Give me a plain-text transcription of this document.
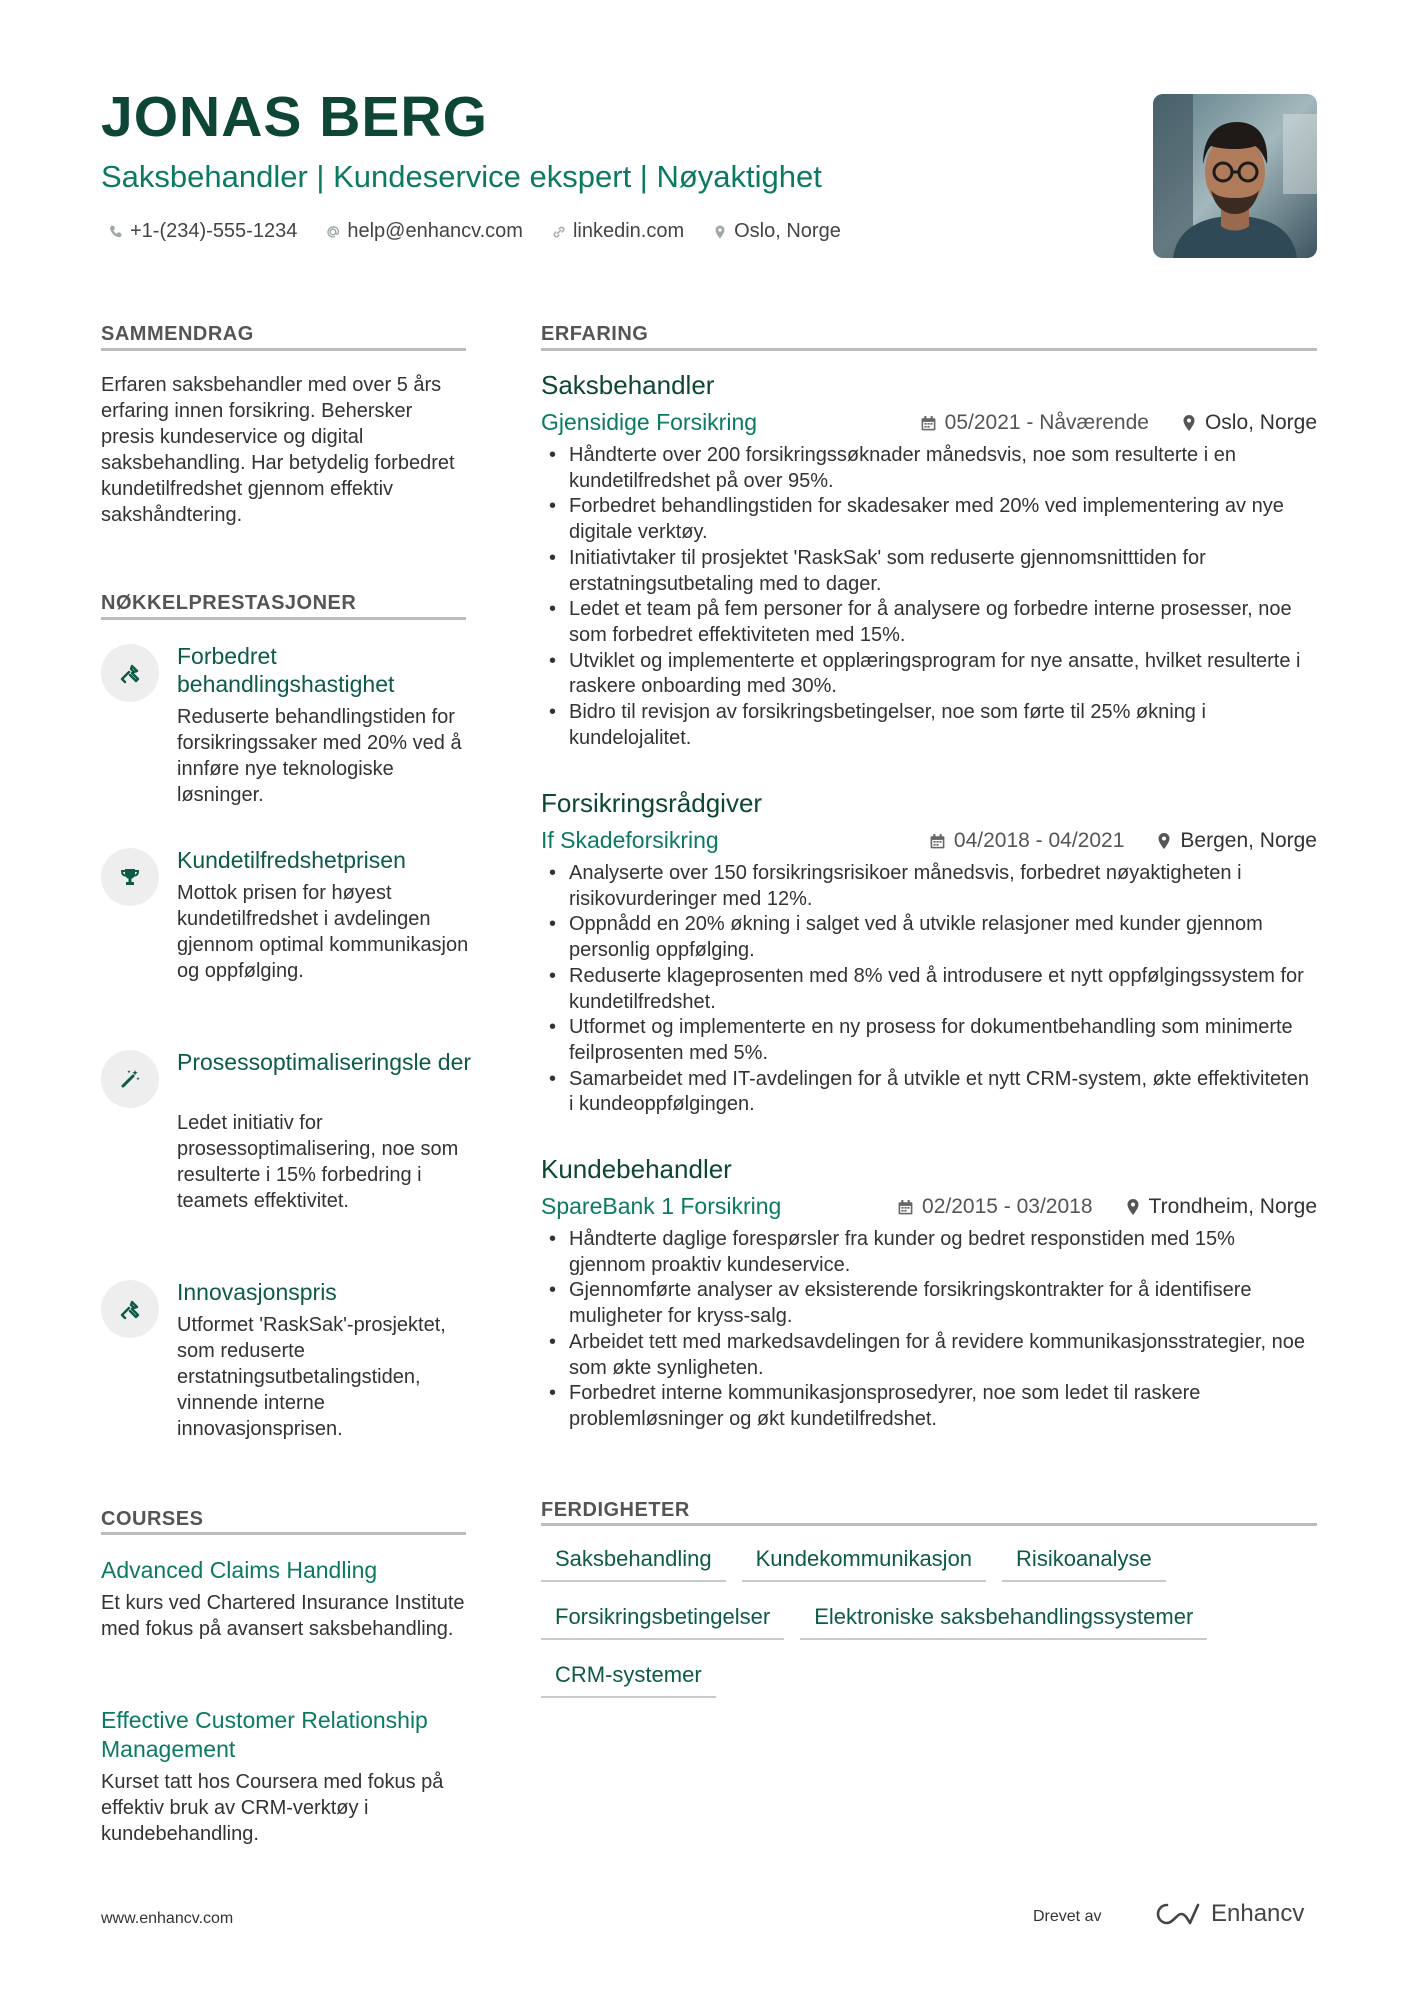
JONAS BERG

Saksbehandler | Kundeservice ekspert | Nøyaktighet

+1-(234)-555-1234	help@enhancv.com	linkedin.com	Oslo, Norge
SAMMENDRAG

Erfaren saksbehandler med over 5 års erfaring innen forsikring. Behersker presis kundeservice og digital saksbehandling. Har betydelig forbedret kundetilfredshet gjennom effektiv sakshåndtering.

NØKKELPRESTASJONER

Forbedret behandlingshastighet

Reduserte behandlingstiden for forsikringssaker med 20% ved å innføre nye teknologiske løsninger.

Kundetilfredshetprisen

Mottok prisen for høyest kundetilfredshet i avdelingen gjennom optimal kommunikasjon og oppfølging.

Prosessoptimaliseringsle der

Ledet initiativ for prosessoptimalisering, noe som resulterte i 15% forbedring i teamets effektivitet.

Innovasjonspris

Utformet 'RaskSak'-prosjektet, som reduserte erstatningsutbetalingstiden, vinnende interne innovasjonsprisen.

COURSES

Advanced Claims Handling

Et kurs ved Chartered Insurance Institute med fokus på avansert saksbehandling.

Effective Customer Relationship Management

Kurset tatt hos Coursera med fokus på effektiv bruk av CRM-verktøy i kundebehandling.

ERFARING

Saksbehandler

Gjensidige Forsikring	05/2021 - Nåværende	Oslo, Norge
• Håndterte over 200 forsikringssøknader månedsvis, noe som resulterte i en kundetilfredshet på over 95%.
• Forbedret behandlingstiden for skadesaker med 20% ved implementering av nye digitale verktøy.
• Initiativtaker til prosjektet 'RaskSak' som reduserte gjennomsnitttiden for erstatningsutbetaling med to dager.
• Ledet et team på fem personer for å analysere og forbedre interne prosesser, noe som forbedret effektiviteten med 15%.
• Utviklet og implementerte et opplæringsprogram for nye ansatte, hvilket resulterte i raskere onboarding med 30%.
• Bidro til revisjon av forsikringsbetingelser, noe som førte til 25% økning i kundelojalitet.

Forsikringsrådgiver

If Skadeforsikring	04/2018 - 04/2021	Bergen, Norge
• Analyserte over 150 forsikringsrisikoer månedsvis, forbedret nøyaktigheten i risikovurderinger med 12%.
• Oppnådd en 20% økning i salget ved å utvikle relasjoner med kunder gjennom personlig oppfølging.
• Reduserte klageprosenten med 8% ved å introdusere et nytt oppfølgingssystem for kundetilfredshet.
• Utformet og implementerte en ny prosess for dokumentbehandling som minimerte feilprosenten med 5%.
• Samarbeidet med IT-avdelingen for å utvikle et nytt CRM-system, økte effektiviteten i kundeoppfølgingen.

Kundebehandler

SpareBank 1 Forsikring	02/2015 - 03/2018	Trondheim, Norge
• Håndterte daglige forespørsler fra kunder og bedret responstiden med 15% gjennom proaktiv kundeservice.
• Gjennomførte analyser av eksisterende forsikringskontrakter for å identifisere muligheter for kryss-salg.
• Arbeidet tett med markedsavdelingen for å revidere kommunikasjonsstrategier, noe som økte synligheten.
• Forbedret interne kommunikasjonsprosedyrer, noe som ledet til raskere problemløsninger og økt kundetilfredshet.
FERDIGHETER
Saksbehandling	Kundekommunikasjon	Risikoanalyse
Forsikringsbetingelser	Elektroniske saksbehandlingssystemer
CRM-systemer

www.enhancv.com	Drevet av	Enhancv
